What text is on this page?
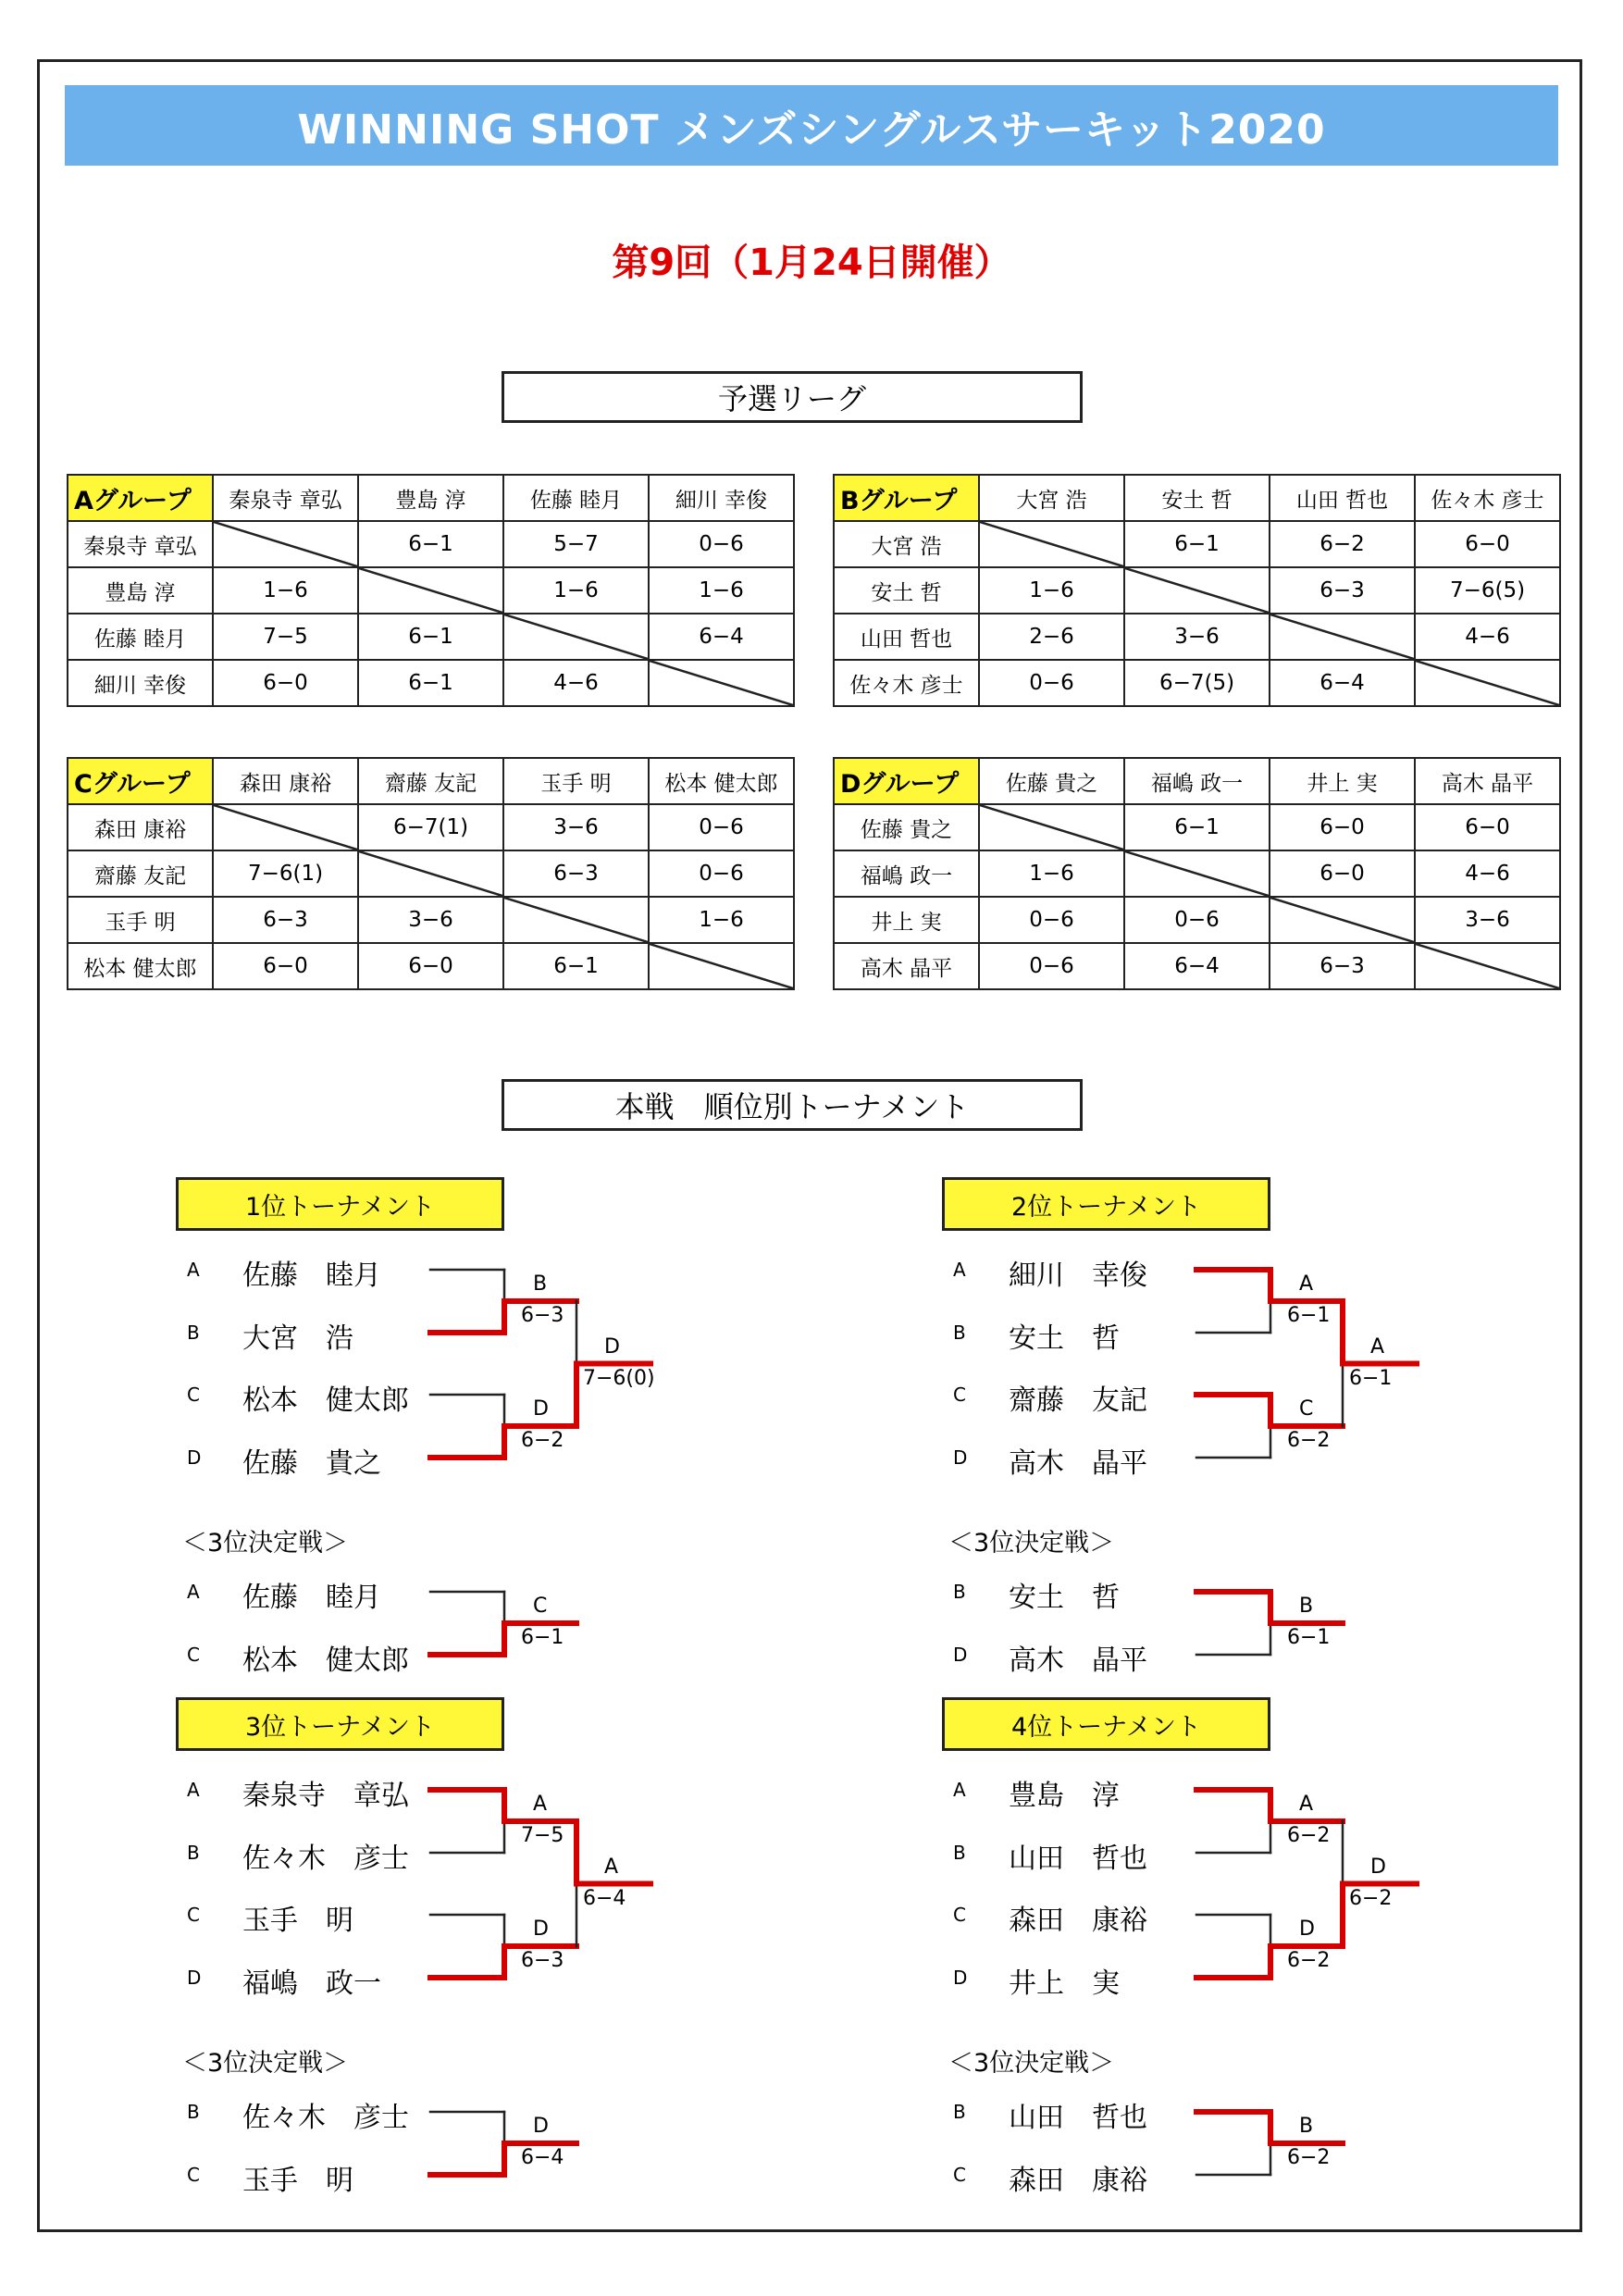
WINNING SHOT メンズシングルスサーキット2020
第9回（1月24日開催）
予選リーグ
Aグループ	秦泉寺 章弘	豊島 淳	佐藤 睦月	細川 幸俊
秦泉寺 章弘		6−1	5−7	0−6
豊島 淳	1−6		1−6	1−6
佐藤 睦月	7−5	6−1		6−4
細川 幸俊	6−0	6−1	4−6	
Bグループ	大宮 浩	安土 哲	山田 哲也	佐々木 彦士
大宮 浩		6−1	6−2	6−0
安土 哲	1−6		6−3	7−6(5)
山田 哲也	2−6	3−6		4−6
佐々木 彦士	0−6	6−7(5)	6−4	
Cグループ	森田 康裕	齋藤 友記	玉手 明	松本 健太郎
森田 康裕		6−7(1)	3−6	0−6
齋藤 友記	7−6(1)		6−3	0−6
玉手 明	6−3	3−6		1−6
松本 健太郎	6−0	6−0	6−1	
Dグループ	佐藤 貴之	福嶋 政一	井上 実	高木 晶平
佐藤 貴之		6−1	6−0	6−0
福嶋 政一	1−6		6−0	4−6
井上 実	0−6	0−6		3−6
高木 晶平	0−6	6−4	6−3	
本戦　順位別トーナメント
1位トーナメント
A 佐藤　睦月
B 大宮　浩
C 松本　健太郎
D 佐藤　貴之
B
6−3
D
6−2
D
7−6(0)
＜3位決定戦＞
A 佐藤　睦月
C 松本　健太郎
C
6−1
2位トーナメント
A 細川　幸俊
B 安土　哲
C 齋藤　友記
D 高木　晶平
A
6−1
C
6−2
A
6−1
＜3位決定戦＞
B 安土　哲
D 高木　晶平
B
6−1
3位トーナメント
A 秦泉寺　章弘
B 佐々木　彦士
C 玉手　明
D 福嶋　政一
A
7−5
D
6−3
A
6−4
＜3位決定戦＞
B 佐々木　彦士
C 玉手　明
D
6−4
4位トーナメント
A 豊島　淳
B 山田　哲也
C 森田　康裕
D 井上　実
A
6−2
D
6−2
D
6−2
＜3位決定戦＞
B 山田　哲也
C 森田　康裕
B
6−2
